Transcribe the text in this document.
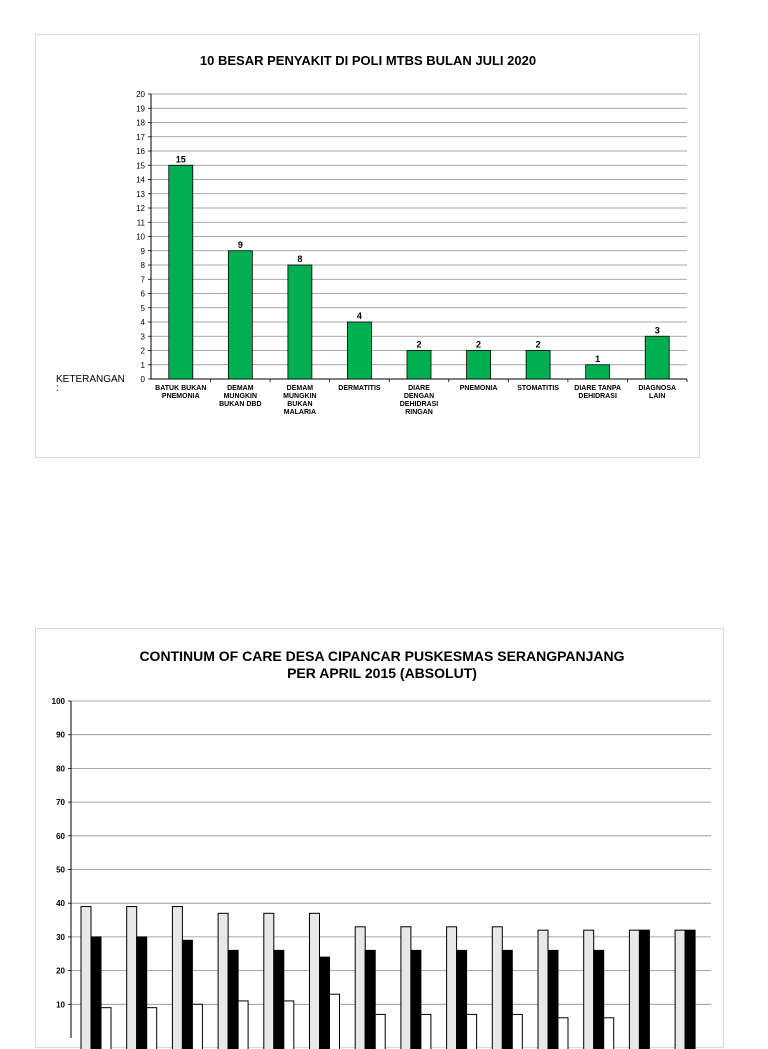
10 BESAR PENYAKIT DI POLI MTBS BULAN JULI 2020
0
1
2
3
4
5
6
7
8
9
10
11
12
13
14
15
16
17
18
19
20
15
9
8
4
2	2	2
1
3
BATUK BUKAN
PNEMONIA
DEMAM
MUNGKIN
BUKAN DBD
DEMAM
MUNGKIN
BUKAN
MALARIA
DERMATITIS	DIARE
DENGAN
DEHIDRASI
RINGAN
PNEMONIA	STOMATITIS DIARE TANPA
DEHIDRASI
DIAGNOSA
LAIN
KETERANGAN
:
CONTINUM OF CARE DESA CIPANCAR PUSKESMAS SERANGPANJANG
PER APRIL 2015 (ABSOLUT)
10
20
30
40
50
60
70
80
90
100
